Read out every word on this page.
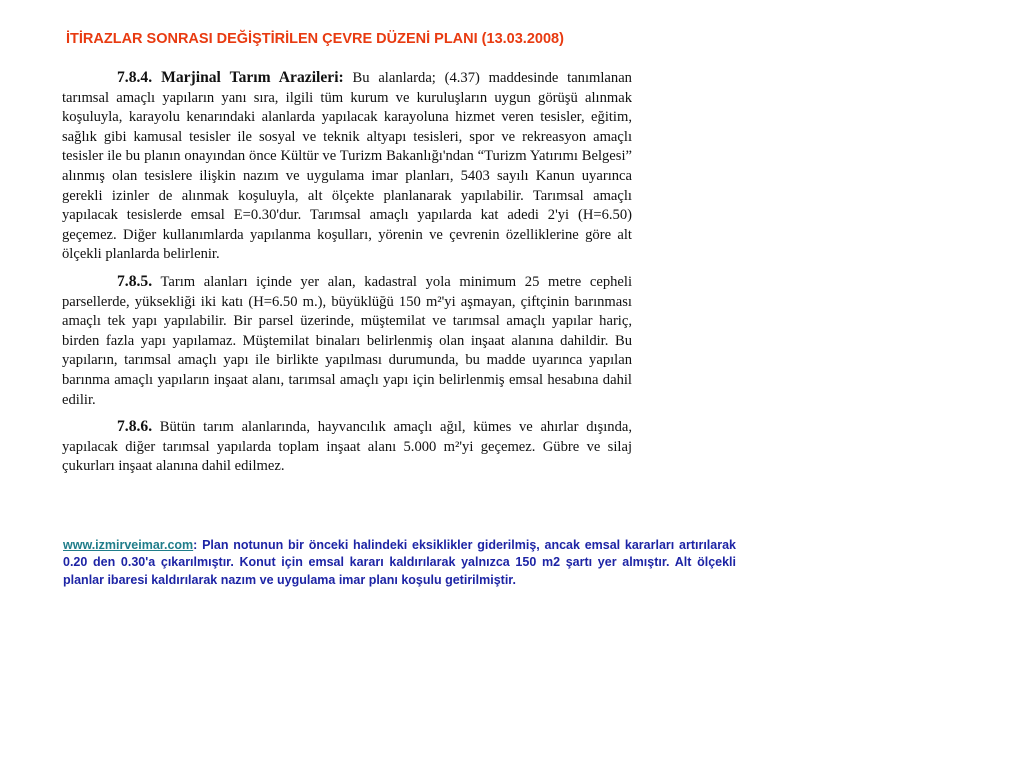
İTİRAZLAR SONRASI DEĞİŞTİRİLEN ÇEVRE DÜZENİ PLANI (13.03.2008)

7.8.4. Marjinal Tarım Arazileri: Bu alanlarda; (4.37) maddesinde tanımlanan tarımsal amaçlı yapıların yanı sıra, ilgili tüm kurum ve kuruluşların uygun görüşü alınmak koşuluyla, karayolu kenarındaki alanlarda yapılacak karayoluna hizmet veren tesisler, eğitim, sağlık gibi kamusal tesisler ile sosyal ve teknik altyapı tesisleri, spor ve rekreasyon amaçlı tesisler ile bu planın onayından önce Kültür ve Turizm Bakanlığı'ndan “Turizm Yatırımı Belgesi” alınmış olan tesislere ilişkin nazım ve uygulama imar planları, 5403 sayılı Kanun uyarınca gerekli izinler de alınmak koşuluyla, alt ölçekte planlanarak yapılabilir. Tarımsal amaçlı yapılacak tesislerde emsal E=0.30'dur. Tarımsal amaçlı yapılarda kat adedi 2'yi (H=6.50) geçemez. Diğer kullanımlarda yapılanma koşulları, yörenin ve çevrenin özelliklerine göre alt ölçekli planlarda belirlenir.

7.8.5. Tarım alanları içinde yer alan, kadastral yola minimum 25 metre cepheli parsellerde, yüksekliği iki katı (H=6.50 m.), büyüklüğü 150 m²'yi aşmayan, çiftçinin barınması amaçlı tek yapı yapılabilir. Bir parsel üzerinde, müştemilat ve tarımsal amaçlı yapılar hariç, birden fazla yapı yapılamaz. Müştemilat binaları belirlenmiş olan inşaat alanına dahildir. Bu yapıların, tarımsal amaçlı yapı ile birlikte yapılması durumunda, bu madde uyarınca yapılan barınma amaçlı yapıların inşaat alanı, tarımsal amaçlı yapı için belirlenmiş emsal hesabına dahil edilir.

7.8.6. Bütün tarım alanlarında, hayvancılık amaçlı ağıl, kümes ve ahırlar dışında, yapılacak diğer tarımsal yapılarda toplam inşaat alanı 5.000 m²'yi geçemez. Gübre ve silaj çukurları inşaat alanına dahil edilmez.

www.izmirveimar.com: Plan notunun bir önceki halindeki eksiklikler giderilmiş, ancak emsal kararları artırılarak 0.20 den 0.30'a çıkarılmıştır. Konut için emsal kararı kaldırılarak yalnızca 150 m2 şartı yer almıştır. Alt ölçekli planlar ibaresi kaldırılarak nazım ve uygulama imar planı koşulu getirilmiştir.
